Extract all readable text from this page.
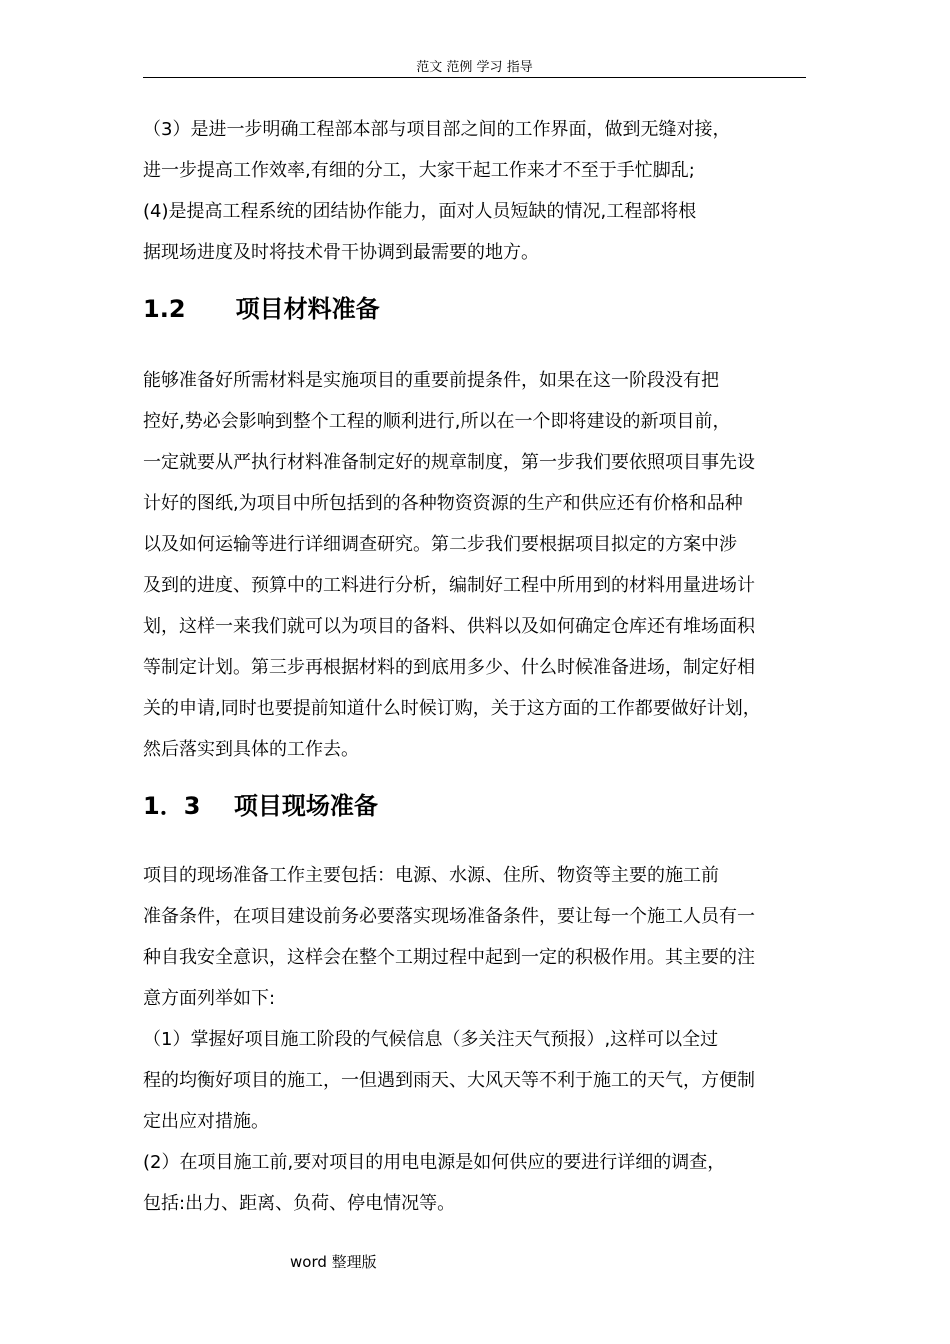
范文 范例 学习 指导

（3）是进一步明确工程部本部与项目部之间的工作界面，做到无缝对接，
进一步提高工作效率,有细的分工，大家干起工作来才不至于手忙脚乱;

(4)是提高工程系统的团结协作能力，面对人员短缺的情况,工程部将根
据现场进度及时将技术骨干协调到最需要的地方。

1.2      项目材料准备

能够准备好所需材料是实施项目的重要前提条件，如果在这一阶段没有把
控好,势必会影响到整个工程的顺利进行,所以在一个即将建设的新项目前，
一定就要从严执行材料准备制定好的规章制度，第一步我们要依照项目事先设
计好的图纸,为项目中所包括到的各种物资资源的生产和供应还有价格和品种
以及如何运输等进行详细调查研究。第二步我们要根据项目拟定的方案中涉
及到的进度、预算中的工料进行分析，编制好工程中所用到的材料用量进场计
划，这样一来我们就可以为项目的备料、供料以及如何确定仓库还有堆场面积
等制定计划。第三步再根据材料的到底用多少、什么时候准备进场，制定好相
关的申请,同时也要提前知道什么时候订购，关于这方面的工作都要做好计划，
然后落实到具体的工作去。

1．3    项目现场准备

项目的现场准备工作主要包括：电源、水源、住所、物资等主要的施工前
准备条件，在项目建设前务必要落实现场准备条件，要让每一个施工人员有一
种自我安全意识，这样会在整个工期过程中起到一定的积极作用。其主要的注
意方面列举如下:
（1）掌握好项目施工阶段的气候信息（多关注天气预报）,这样可以全过
程的均衡好项目的施工，一但遇到雨天、大风天等不利于施工的天气，方便制
定出应对措施。
(2）在项目施工前,要对项目的用电电源是如何供应的要进行详细的调查，
包括:出力、距离、负荷、停电情况等。

word 整理版
